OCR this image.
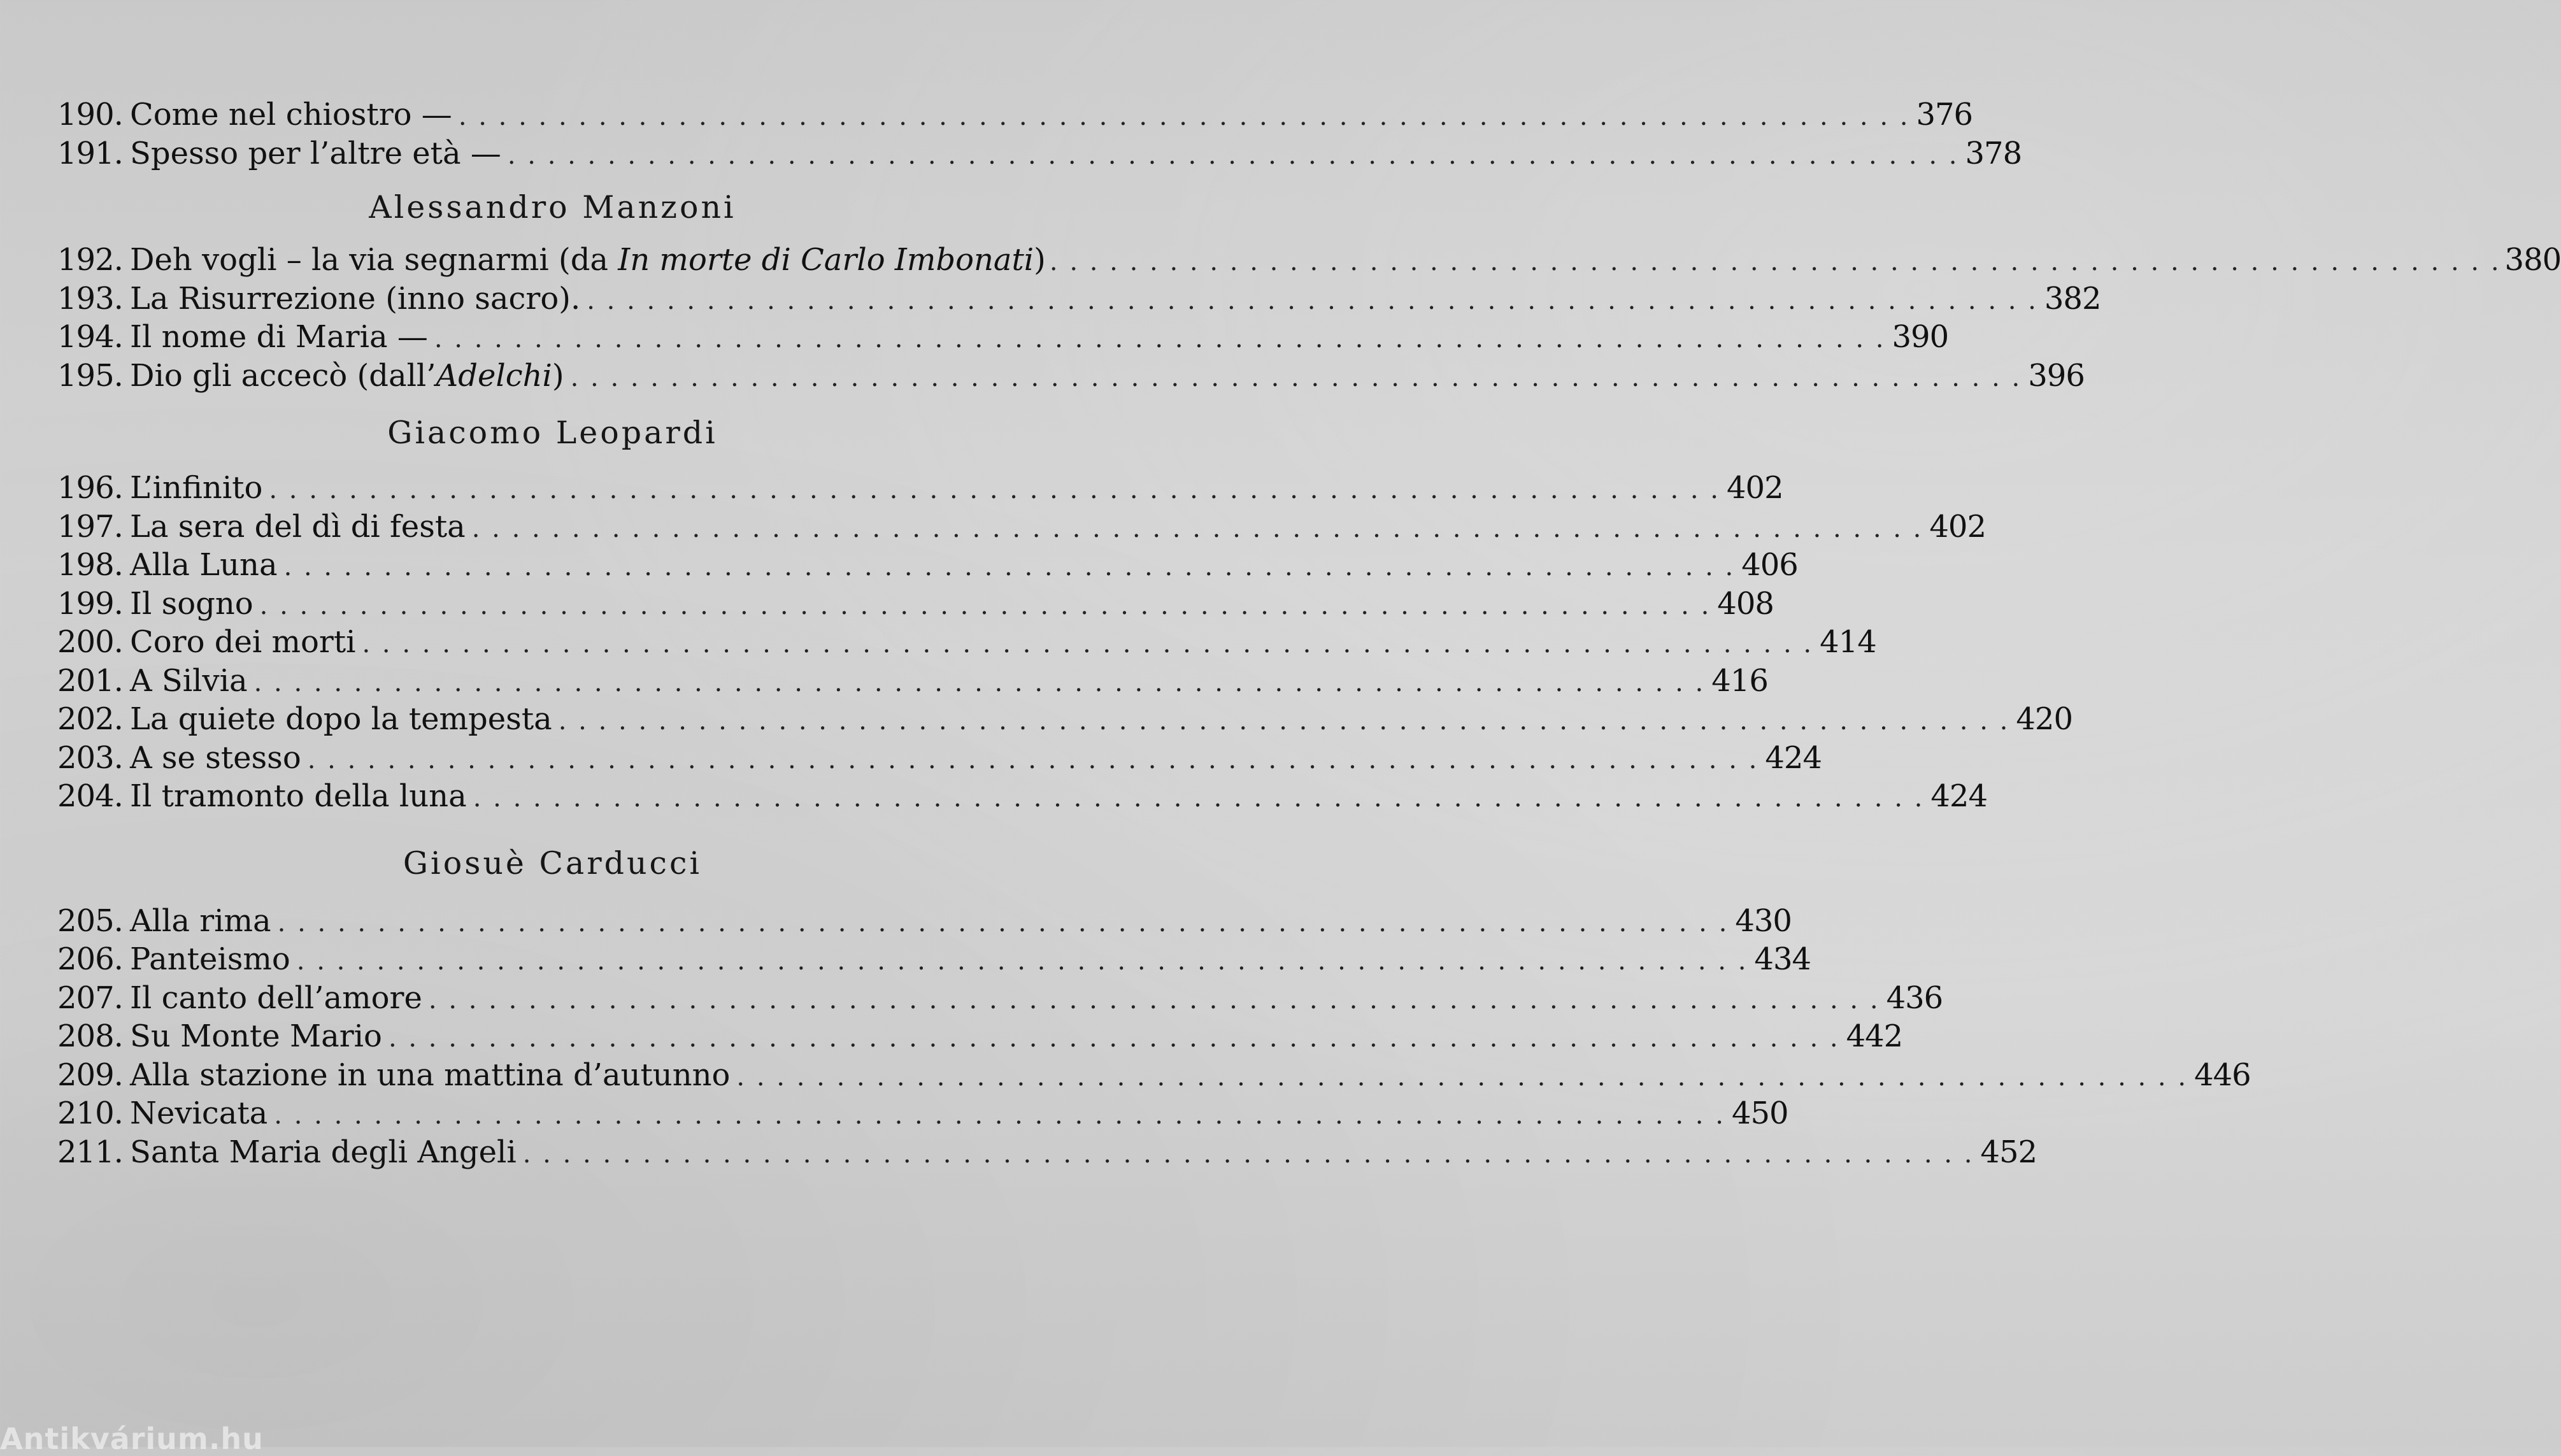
190. Come nel chiostro — . . .	376
191. Spesso per l’altre età — . . .	378
Alessandro Manzoni
192. Deh vogli – la via segnarmi (da In morte di Carlo Imbonati) . . .	380
193. La Risurrezione (inno sacro). . . .	382
194. Il nome di Maria — . . .	390
195. Dio gli accecò (dall’Adelchi) . . .	396
Giacomo Leopardi
196. L’infinito . . .	402
197. La sera del dì di festa . . .	402
198. Alla Luna . . .	406
199. Il sogno . . .	408
200. Coro dei morti . . .	414
201. A Silvia . . .	416
202. La quiete dopo la tempesta . . .	420
203. A se stesso . . .	424
204. Il tramonto della luna . . .	424
Giosuè Carducci
205. Alla rima . . .	430
206. Panteismo . . .	434
207. Il canto dell’amore . . .	436
208. Su Monte Mario . . .	442
209. Alla stazione in una mattina d’autunno . . .	446
210. Nevicata . . .	450
211. Santa Maria degli Angeli . . .	452
Antikvárium.hu
